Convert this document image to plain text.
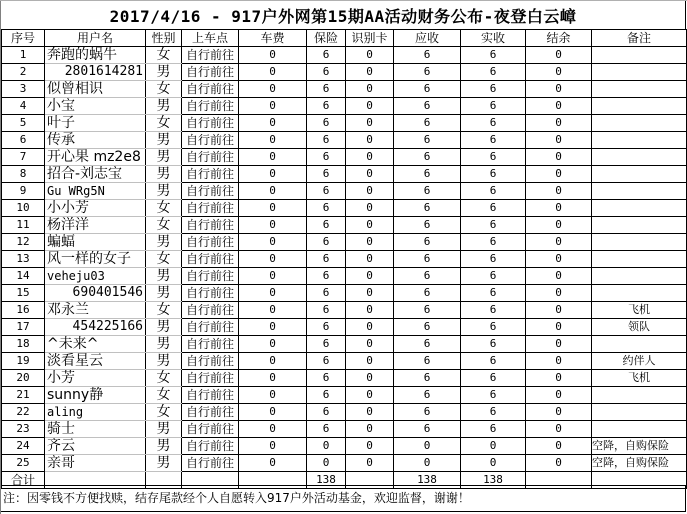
2017/4/16 - 917户外网第15期AA活动财务公布-夜登白云嶂
序号	用户名	性别	上车点	车费	保险	识别卡	应收	实收	结余	备注
1	奔跑的蜗牛	女	自行前往	0	6	0	6	6	0	
2	2801614281	男	自行前往	0	6	0	6	6	0	
3	似曾相识	女	自行前往	0	6	0	6	6	0	
4	小宝	男	自行前往	0	6	0	6	6	0	
5	叶子	女	自行前往	0	6	0	6	6	0	
6	传承	男	自行前往	0	6	0	6	6	0	
7	开心果 mz2e8	男	自行前往	0	6	0	6	6	0	
8	招合-刘志宝	男	自行前往	0	6	0	6	6	0	
9	Gu WRg5N	男	自行前往	0	6	0	6	6	0	
10	小小芳	女	自行前往	0	6	0	6	6	0	
11	杨洋洋	女	自行前往	0	6	0	6	6	0	
12	蝙蝠	男	自行前往	0	6	0	6	6	0	
13	风一样的女子	女	自行前往	0	6	0	6	6	0	
14	veheju03	男	自行前往	0	6	0	6	6	0	
15	690401546	男	自行前往	0	6	0	6	6	0	
16	邓永兰	女	自行前往	0	6	0	6	6	0	飞机
17	454225166	男	自行前往	0	6	0	6	6	0	领队
18	^未来^	男	自行前往	0	6	0	6	6	0	
19	淡看星云	男	自行前往	0	6	0	6	6	0	约伴人
20	小芳	女	自行前往	0	6	0	6	6	0	飞机
21	sunny静	女	自行前往	0	6	0	6	6	0	
22	aling	女	自行前往	0	6	0	6	6	0	
23	骑士	男	自行前往	0	6	0	6	6	0	
24	齐云	男	自行前往	0	0	0	0	0	0	空降，自购保险
25	亲哥	男	自行前往	0	0	0	0	0	0	空降，自购保险
合计					138		138	138		
注：因零钱不方便找赎，结存尾款经个人自愿转入917户外活动基金，欢迎监督，谢谢！
